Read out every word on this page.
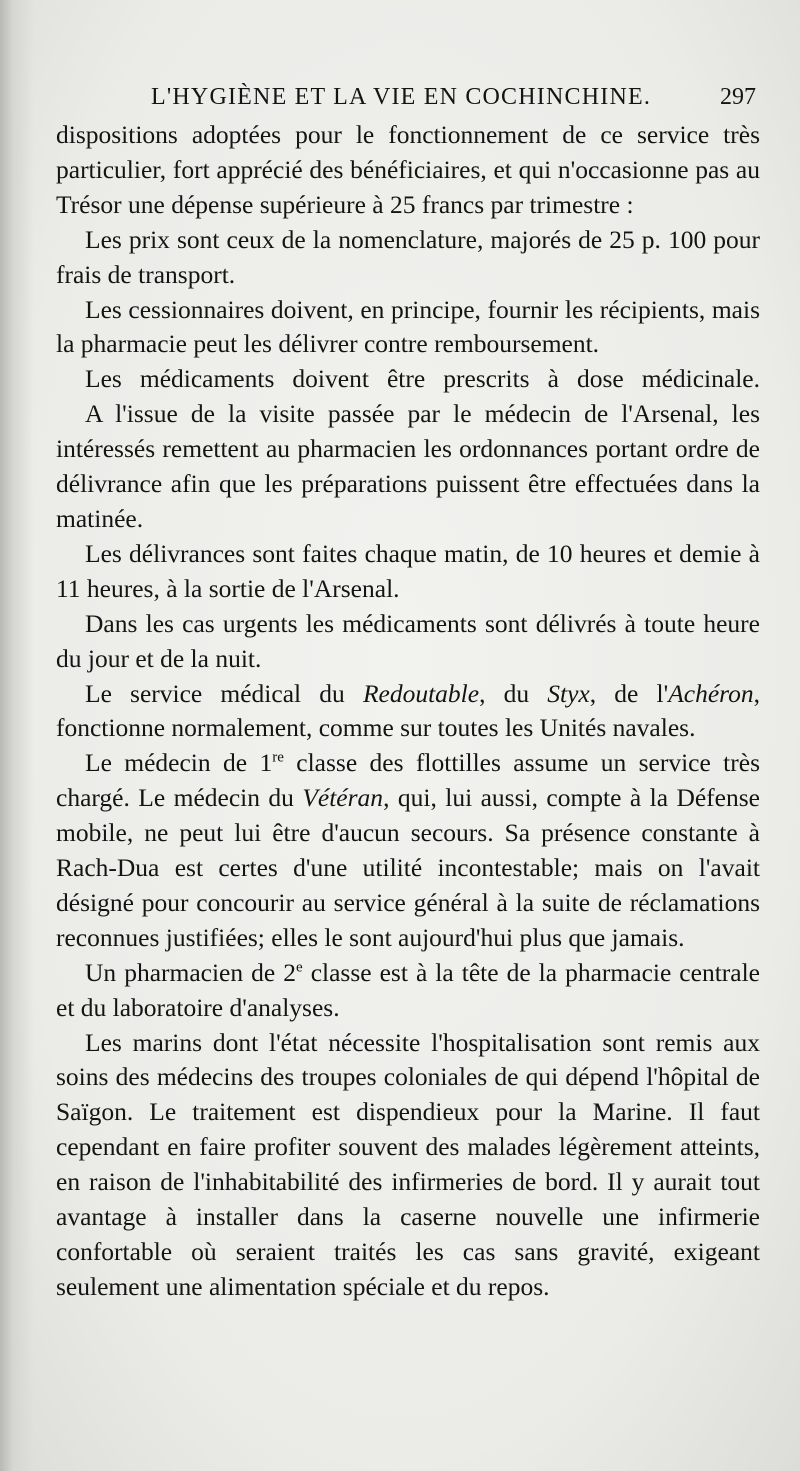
L'HYGIÈNE ET LA VIE EN COCHINCHINE.	297

dispositions adoptées pour le fonctionnement de ce service très particulier, fort apprécié des bénéficiaires, et qui n'occasionne pas au Trésor une dépense supérieure à 25 francs par trimestre :

Les prix sont ceux de la nomenclature, majorés de 25 p. 100 pour frais de transport.

Les cessionnaires doivent, en principe, fournir les récipients, mais la pharmacie peut les délivrer contre remboursement.

Les médicaments doivent être prescrits à dose médicinale.

A l'issue de la visite passée par le médecin de l'Arsenal, les intéressés remettent au pharmacien les ordonnances portant ordre de délivrance afin que les préparations puissent être effectuées dans la matinée.

Les délivrances sont faites chaque matin, de 10 heures et demie à 11 heures, à la sortie de l'Arsenal.

Dans les cas urgents les médicaments sont délivrés à toute heure du jour et de la nuit.

Le service médical du Redoutable, du Styx, de l'Achéron, fonctionne normalement, comme sur toutes les Unités navales.

Le médecin de 1re classe des flottilles assume un service très chargé. Le médecin du Vétéran, qui, lui aussi, compte à la Défense mobile, ne peut lui être d'aucun secours. Sa présence constante à Rach-Dua est certes d'une utilité incontestable; mais on l'avait désigné pour concourir au service général à la suite de réclamations reconnues justifiées; elles le sont aujourd'hui plus que jamais.

Un pharmacien de 2e classe est à la tête de la pharmacie centrale et du laboratoire d'analyses.

Les marins dont l'état nécessite l'hospitalisation sont remis aux soins des médecins des troupes coloniales de qui dépend l'hôpital de Saïgon. Le traitement est dispendieux pour la Marine. Il faut cependant en faire profiter souvent des malades légèrement atteints, en raison de l'inhabitabilité des infirmeries de bord. Il y aurait tout avantage à installer dans la caserne nouvelle une infirmerie confortable où seraient traités les cas sans gravité, exigeant seulement une alimentation spéciale et du repos.
